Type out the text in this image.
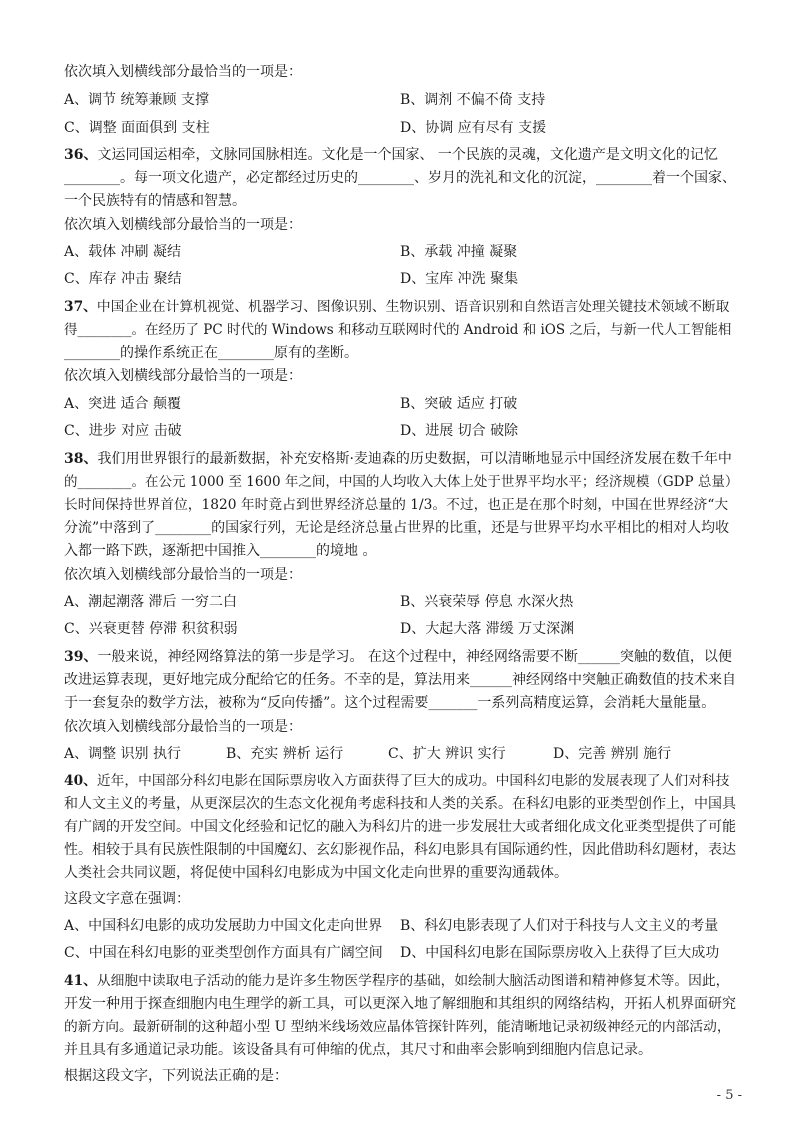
依次填入划横线部分最恰当的一项是：
A、调节 统筹兼顾 支撑	B、调剂 不偏不倚 支持
C、调整 面面俱到 支柱	D、协调 应有尽有 支援
36、文运同国运相牵，文脉同国脉相连。文化是一个国家、 一个民族的灵魂，文化遗产是文明文化的记忆
________。每一项文化遗产，必定都经过历史的________、岁月的洗礼和文化的沉淀，________着一个国家、
一个民族特有的情感和智慧。
依次填入划横线部分最恰当的一项是：
A、载体 冲刷 凝结	B、承载 冲撞 凝聚
C、库存 冲击 聚结	D、宝库 冲洗 聚集
37、中国企业在计算机视觉、机器学习、图像识别、生物识别、语音识别和自然语言处理关键技术领域不断取
得________。在经历了 PC 时代的 Windows 和移动互联网时代的 Android 和 iOS 之后，与新一代人工智能相
________的操作系统正在________原有的垄断。
依次填入划横线部分最恰当的一项是：
A、突进 适合 颠覆	B、突破 适应 打破
C、进步 对应 击破	D、进展 切合 破除
38、我们用世界银行的最新数据，补充安格斯·麦迪森的历史数据，可以清晰地显示中国经济发展在数千年中
的________。在公元 1000 至 1600 年之间，中国的人均收入大体上处于世界平均水平；经济规模（GDP 总量）
长时间保持世界首位，1820 年时竟占到世界经济总量的 1/3。不过，也正是在那个时刻，中国在世界经济“大
分流”中落到了________的国家行列，无论是经济总量占世界的比重，还是与世界平均水平相比的相对人均收
入都一路下跌，逐渐把中国推入________的境地 。
依次填入划横线部分最恰当的一项是：
A、潮起潮落 滞后 一穷二白	B、兴衰荣辱 停息 水深火热
C、兴衰更替 停滞 积贫积弱	D、大起大落 滞缓 万丈深渊
39、一般来说，神经网络算法的第一步是学习。 在这个过程中，神经网络需要不断______突触的数值，以便
改进运算表现，更好地完成分配给它的任务。不幸的是，算法用来______神经网络中突触正确数值的技术来自
于一套复杂的数学方法，被称为“反向传播”。这个过程需要_______一系列高精度运算，会消耗大量能量。
依次填入划横线部分最恰当的一项是：
A、调整 识别 执行	B、充实 辨析 运行	C、扩大 辨识 实行	D、完善 辨别 施行
40、近年，中国部分科幻电影在国际票房收入方面获得了巨大的成功。中国科幻电影的发展表现了人们对科技
和人文主义的考量，从更深层次的生态文化视角考虑科技和人类的关系。在科幻电影的亚类型创作上，中国具
有广阔的开发空间。中国文化经验和记忆的融入为科幻片的进一步发展壮大或者细化成文化亚类型提供了可能
性。相较于具有民族性限制的中国魔幻、玄幻影视作品，科幻电影具有国际通约性，因此借助科幻题材，表达
人类社会共同议题，将促使中国科幻电影成为中国文化走向世界的重要沟通载体。
这段文字意在强调：
A、中国科幻电影的成功发展助力中国文化走向世界 B、科幻电影表现了人们对于科技与人文主义的考量
C、中国在科幻电影的亚类型创作方面具有广阔空间 D、中国科幻电影在国际票房收入上获得了巨大成功
41、从细胞中读取电子活动的能力是许多生物医学程序的基础，如绘制大脑活动图谱和精神修复术等。因此，
开发一种用于探查细胞内电生理学的新工具，可以更深入地了解细胞和其组织的网络结构，开拓人机界面研究
的新方向。最新研制的这种超小型 U 型纳米线场效应晶体管探针阵列，能清晰地记录初级神经元的内部活动，
并且具有多通道记录功能。该设备具有可伸缩的优点，其尺寸和曲率会影响到细胞内信息记录。
根据这段文字，下列说法正确的是：
- 5 -
